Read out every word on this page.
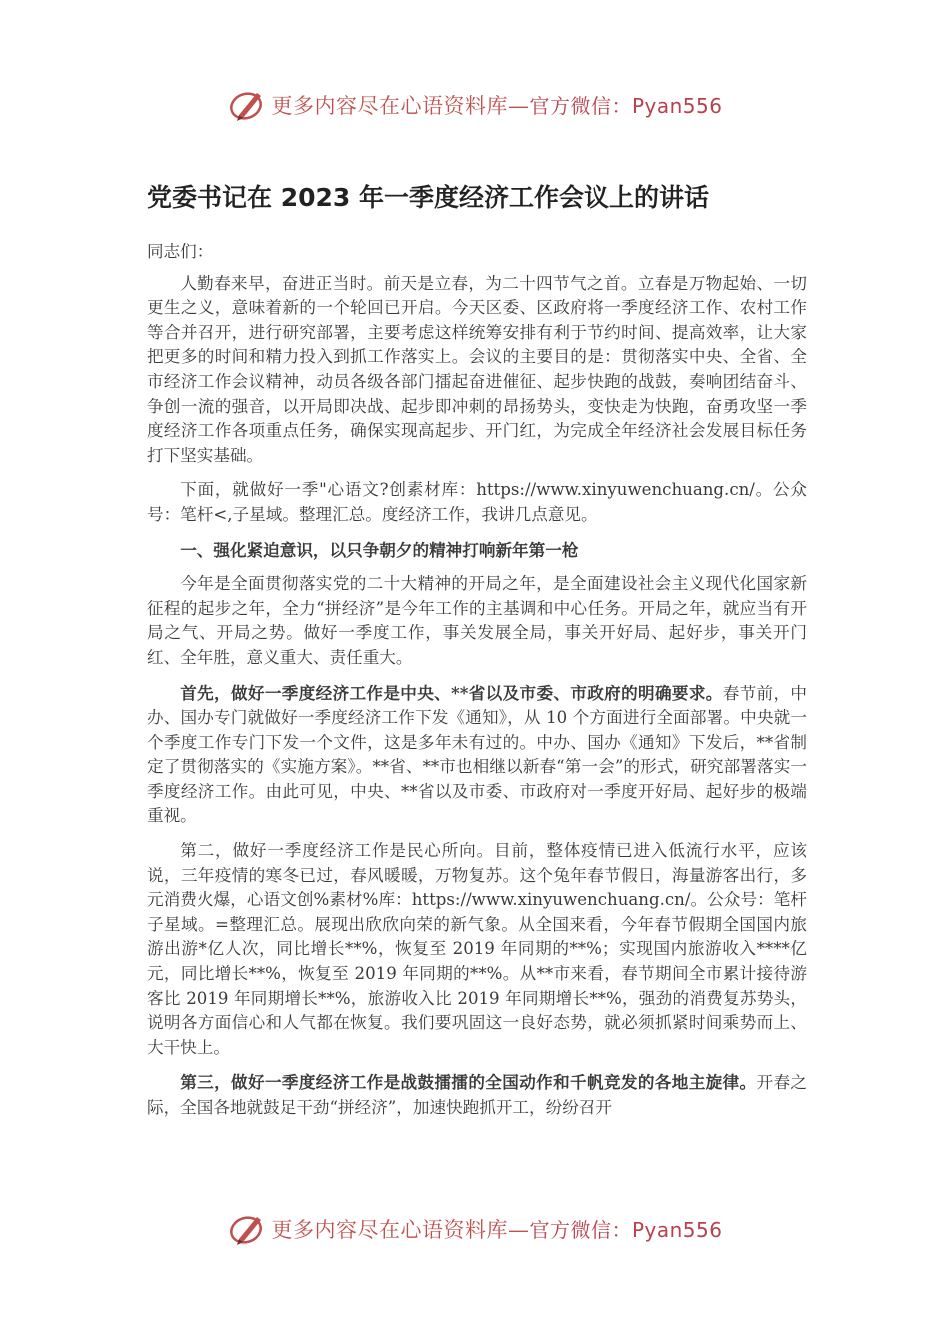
更多内容尽在心语资料库—官方微信：Pyan556
党委书记在 2023 年一季度经济工作会议上的讲话

同志们：

人勤春来早，奋进正当时。前天是立春，为二十四节气之首。立春是万物起始、一切更生之义，意味着新的一个轮回已开启。今天区委、区政府将一季度经济工作、农村工作等合并召开，进行研究部署，主要考虑这样统筹安排有利于节约时间、提高效率，让大家把更多的时间和精力投入到抓工作落实上。会议的主要目的是：贯彻落实中央、全省、全市经济工作会议精神，动员各级各部门擂起奋进催征、起步快跑的战鼓，奏响团结奋斗、争创一流的强音，以开局即决战、起步即冲刺的昂扬势头，变快走为快跑，奋勇攻坚一季度经济工作各项重点任务，确保实现高起步、开门红，为完成全年经济社会发展目标任务打下坚实基础。

下面，就做好一季"心语文?创素材库：https://www.xinyuwenchuang.cn/。公众号：笔杆<,子星域。整理汇总。度经济工作，我讲几点意见。

一、强化紧迫意识，以只争朝夕的精神打响新年第一枪

今年是全面贯彻落实党的二十大精神的开局之年，是全面建设社会主义现代化国家新征程的起步之年，全力“拼经济”是今年工作的主基调和中心任务。开局之年，就应当有开局之气、开局之势。做好一季度工作，事关发展全局，事关开好局、起好步，事关开门红、全年胜，意义重大、责任重大。

首先，做好一季度经济工作是中央、**省以及市委、市政府的明确要求。春节前，中办、国办专门就做好一季度经济工作下发《通知》，从 10 个方面进行全面部署。中央就一个季度工作专门下发一个文件，这是多年未有过的。中办、国办《通知》下发后，**省制定了贯彻落实的《实施方案》。**省、**市也相继以新春“第一会”的形式，研究部署落实一季度经济工作。由此可见，中央、**省以及市委、市政府对一季度开好局、起好步的极端重视。

第二，做好一季度经济工作是民心所向。目前，整体疫情已进入低流行水平，应该说，三年疫情的寒冬已过，春风暖暖，万物复苏。这个兔年春节假日，海量游客出行，多元消费火爆，心语文创%素材%库：https://www.xinyuwenchuang.cn/。公众号：笔杆子星域。=整理汇总。展现出欣欣向荣的新气象。从全国来看，今年春节假期全国国内旅游出游*亿人次，同比增长**%，恢复至 2019 年同期的**%；实现国内旅游收入****亿元，同比增长**%，恢复至 2019 年同期的**%。从**市来看，春节期间全市累计接待游客比 2019 年同期增长**%，旅游收入比 2019 年同期增长**%，强劲的消费复苏势头，说明各方面信心和人气都在恢复。我们要巩固这一良好态势，就必须抓紧时间乘势而上、大干快上。

第三，做好一季度经济工作是战鼓擂擂的全国动作和千帆竞发的各地主旋律。开春之际，全国各地就鼓足干劲“拼经济”，加速快跑抓开工，纷纷召开

更多内容尽在心语资料库—官方微信：Pyan556
